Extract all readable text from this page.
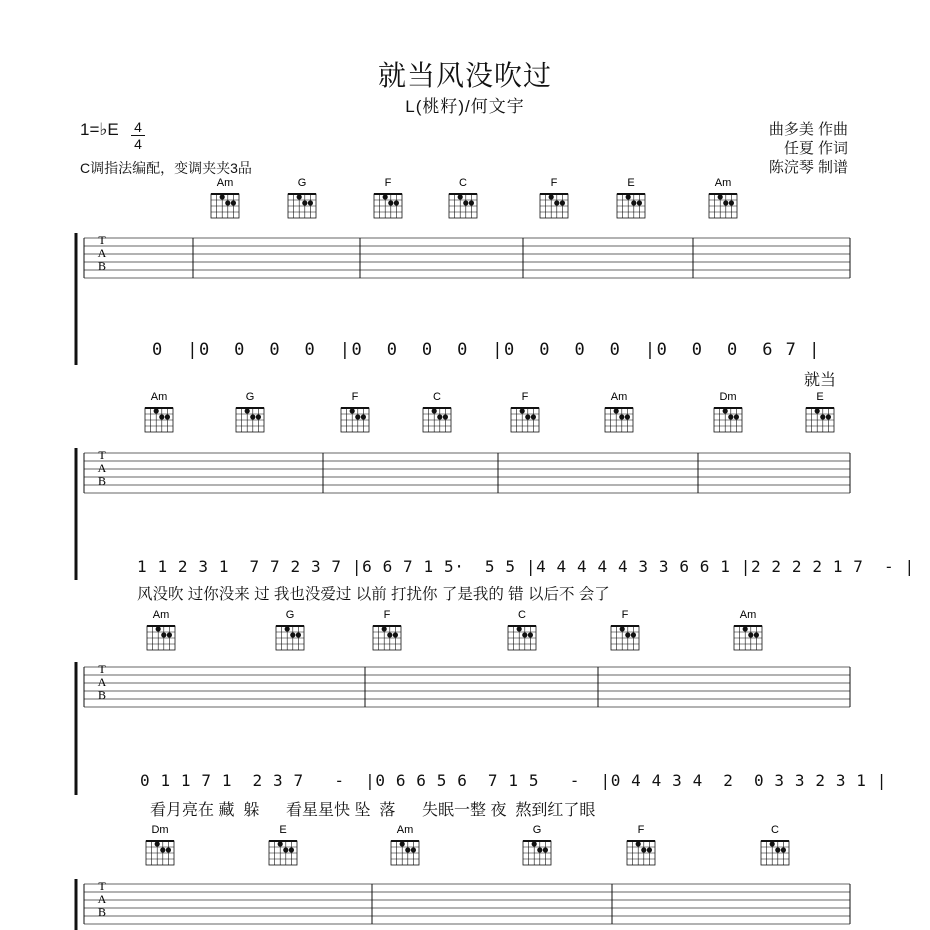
就当风没吹过
L(桃籽)/何文宇
1=♭E 4
4
C调指法编配，变调夹夹3品
曲多美 作曲
任夏 作词
陈浣琴 制谱
T
A
B
Am	G	F	C	F	E	Am
T
A
B
Am	G	F	C	F	Am	Dm	E
T
A
B
Am	G	F	C	F	Am
T
A
B
Dm	E	Am	G	F	C
0  |0  0  0  0  |0  0  0  0  |0  0  0  0  |0  0  0  6 7 |
就当
1 1 2 3 1  7 7 2 3 7 |6 6 7 1 5·  5 5 |4 4 4 4 4 3 3 6 6 1 |2 2 2 2 1 7  - |
风没吹 过你没来 过 我也没爱过 以前 打扰你 了是我的 错 以后不 会了
0 1 1 7 1  2 3 7   -  |0 6 6 5 6  7 1 5   -  |0 4 4 3 4  2  0 3 3 2 3 1 |
看月亮在 藏  躲      看星星快 坠  落      失眠一整 夜  熬到红了眼
